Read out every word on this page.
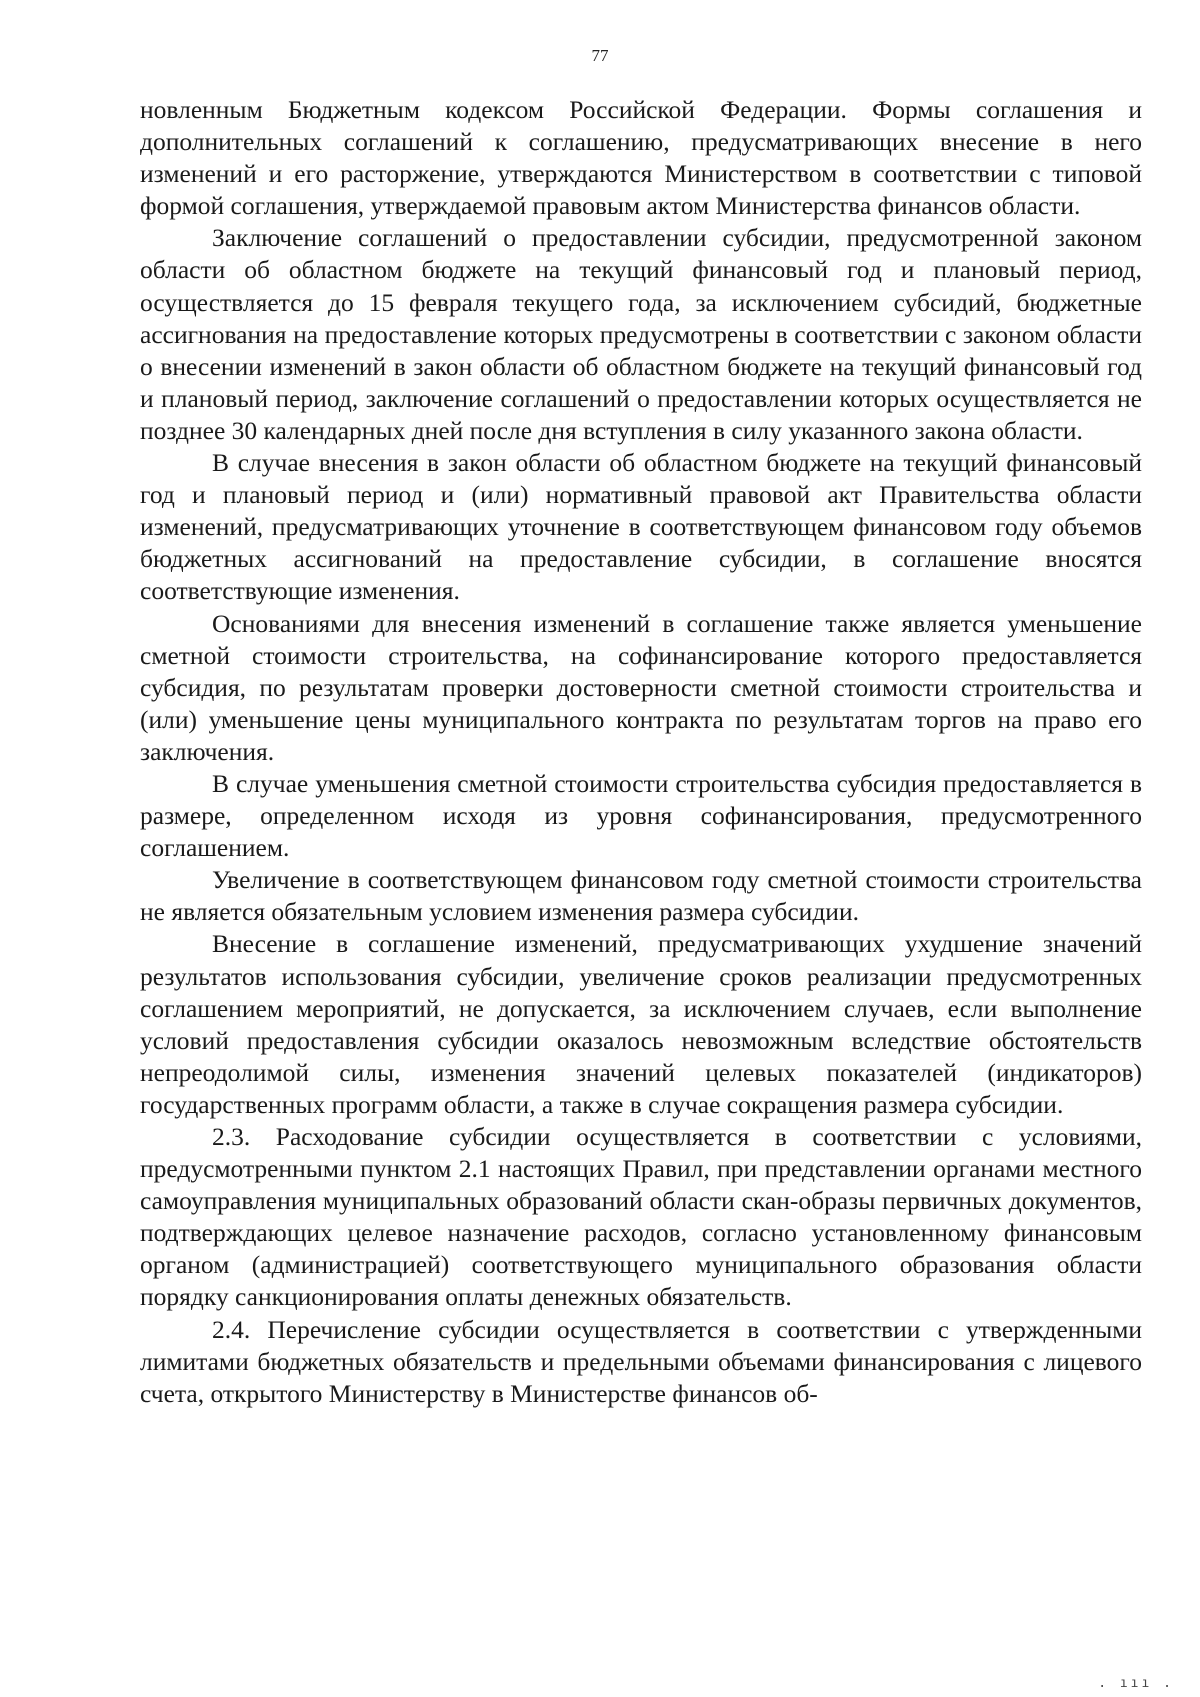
77

новленным Бюджетным кодексом Российской Федерации. Формы соглашения и дополнительных соглашений к соглашению, предусматривающих внесение в него изменений и его расторжение, утверждаются Министерством в соответствии с типовой формой соглашения, утверждаемой правовым актом Министерства финансов области.

Заключение соглашений о предоставлении субсидии, предусмотренной законом области об областном бюджете на текущий финансовый год и плановый период, осуществляется до 15 февраля текущего года, за исключением субсидий, бюджетные ассигнования на предоставление которых предусмотрены в соответствии с законом области о внесении изменений в закон области об областном бюджете на текущий финансовый год и плановый период, заключение соглашений о предоставлении которых осуществляется не позднее 30 календарных дней после дня вступления в силу указанного закона области.

В случае внесения в закон области об областном бюджете на текущий финансовый год и плановый период и (или) нормативный правовой акт Правительства области изменений, предусматривающих уточнение в соответствующем финансовом году объемов бюджетных ассигнований на предоставление субсидии, в соглашение вносятся соответствующие изменения.

Основаниями для внесения изменений в соглашение также является уменьшение сметной стоимости строительства, на софинансирование которого предоставляется субсидия, по результатам проверки достоверности сметной стоимости строительства и (или) уменьшение цены муниципального контракта по результатам торгов на право его заключения.

В случае уменьшения сметной стоимости строительства субсидия предоставляется в размере, определенном исходя из уровня софинансирования, предусмотренного соглашением.

Увеличение в соответствующем финансовом году сметной стоимости строительства не является обязательным условием изменения размера субсидии.

Внесение в соглашение изменений, предусматривающих ухудшение значений результатов использования субсидии, увеличение сроков реализации предусмотренных соглашением мероприятий, не допускается, за исключением случаев, если выполнение условий предоставления субсидии оказалось невозможным вследствие обстоятельств непреодолимой силы, изменения значений целевых показателей (индикаторов) государственных программ области, а также в случае сокращения размера субсидии.

2.3. Расходование субсидии осуществляется в соответствии с условиями, предусмотренными пунктом 2.1 настоящих Правил, при представлении органами местного самоуправления муниципальных образований области скан-образы первичных документов, подтверждающих целевое назначение расходов, согласно установленному финансовым органом (администрацией) соответствующего муниципального образования области порядку санкционирования оплаты денежных обязательств.

2.4. Перечисление субсидии осуществляется в соответствии с утвержденными лимитами бюджетных обязательств и предельными объемами финансирования с лицевого счета, открытого Министерству в Министерстве финансов об-

. ııı .
